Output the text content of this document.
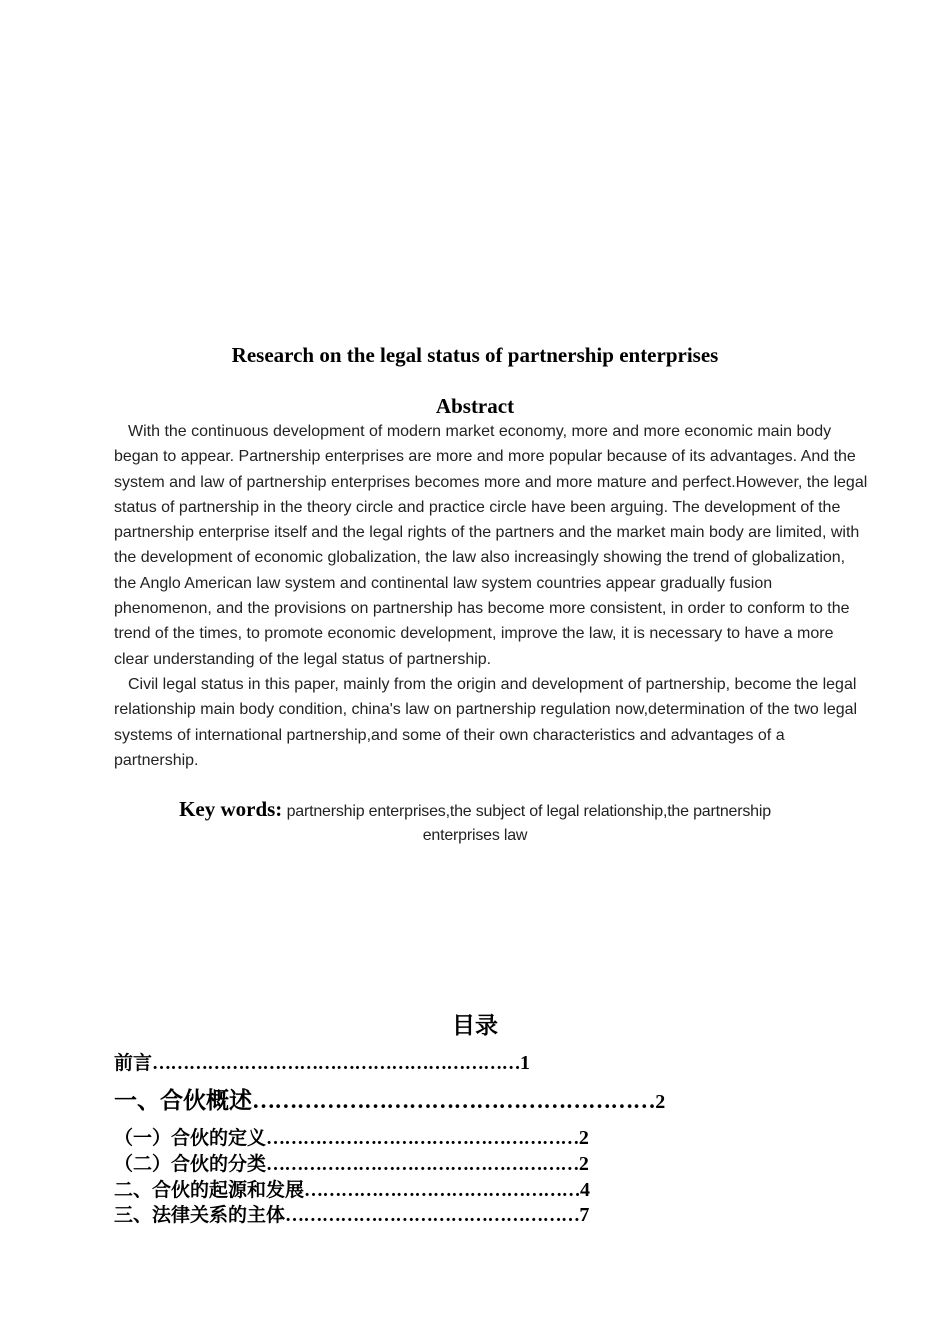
Research on the legal status of partnership enterprises
Abstract

With the continuous development of modern market economy, more and more economic main body began to appear. Partnership enterprises are more and more popular because of its advantages. And the system and law of partnership enterprises becomes more and more mature and perfect.However, the legal status of partnership in the theory circle and practice circle have been arguing. The development of the partnership enterprise itself and the legal rights of the partners and the market main body are limited, with the development of economic globalization, the law also increasingly showing the trend of globalization, the Anglo American law system and continental law system countries appear gradually fusion phenomenon, and the provisions on partnership has become more consistent, in order to conform to the trend of the times, to promote economic development, improve the law, it is necessary to have a more clear understanding of the legal status of partnership.

Civil legal status in this paper, mainly from the origin and development of partnership, become the legal relationship main body condition, china's law on partnership regulation now,determination of the two legal systems of international partnership,and some of their own characteristics and advantages of a partnership.

Key words: partnership enterprises,the subject of legal relationship,the partnership enterprises law
目录
前言……………………………………………………1
一、合伙概述………………………………………………2
（一）合伙的定义……………………………………………2
（二）合伙的分类……………………………………………2
二、合伙的起源和发展………………………………………4
三、法律关系的主体…………………………………………7
